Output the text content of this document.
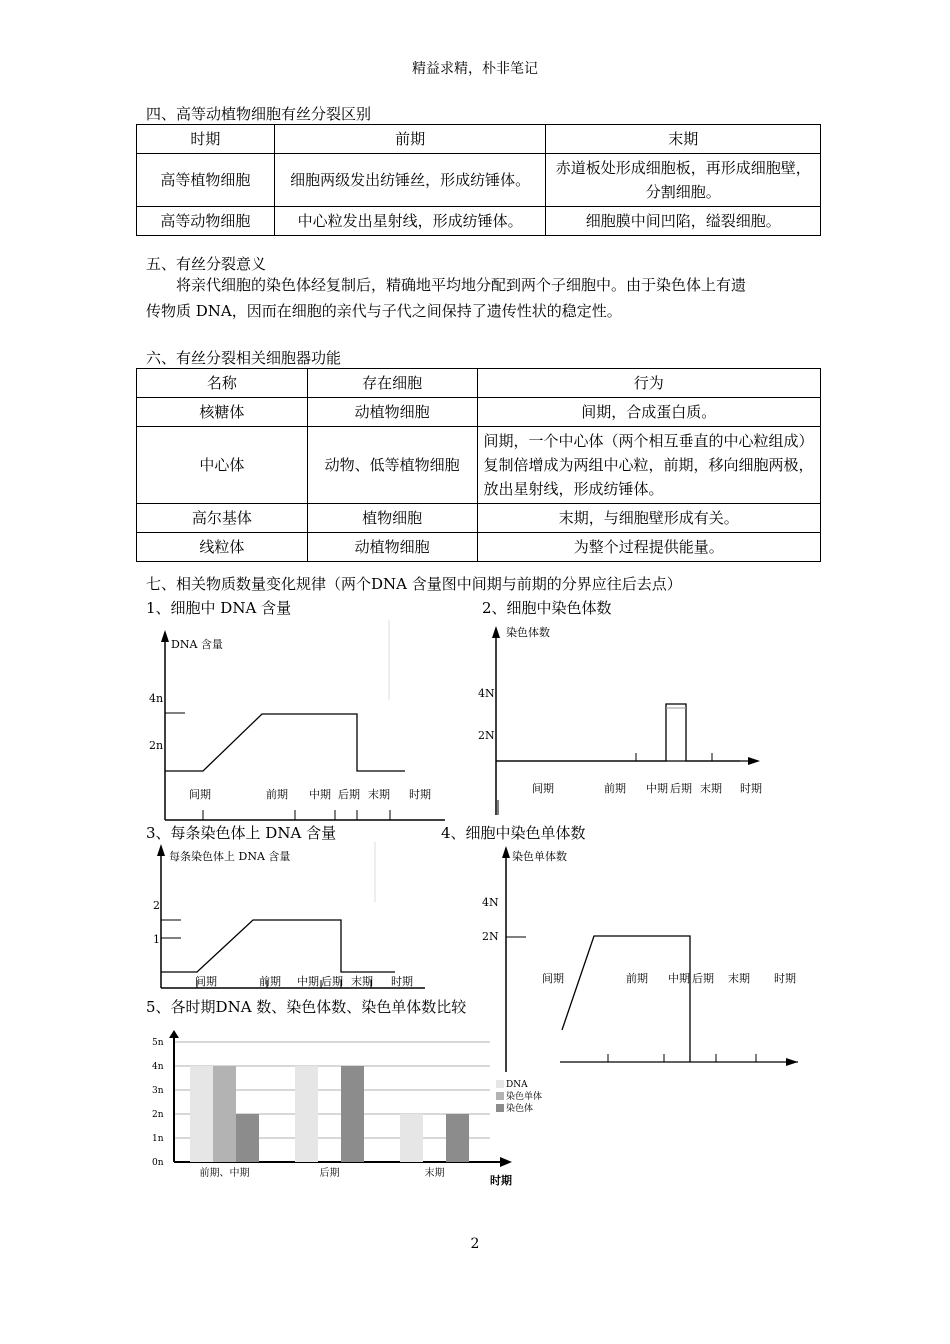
精益求精，朴非笔记
四、高等动植物细胞有丝分裂区别
时期	前期	末期
高等植物细胞	细胞两级发出纺锤丝，形成纺锤体。	赤道板处形成细胞板，再形成细胞壁，分割细胞。
高等动物细胞	中心粒发出星射线，形成纺锤体。	细胞膜中间凹陷，缢裂细胞。
五、有丝分裂意义
将亲代细胞的染色体经复制后，精确地平均地分配到两个子细胞中。由于染色体上有遗
传物质 DNA，因而在细胞的亲代与子代之间保持了遗传性状的稳定性。
六、有丝分裂相关细胞器功能
名称	存在细胞	行为
核糖体	动植物细胞	间期，合成蛋白质。
中心体	动物、低等植物细胞	间期，一个中心体（两个相互垂直的中心粒组成）复制倍增成为两组中心粒，前期，移向细胞两极，放出星射线，形成纺锤体。
高尔基体	植物细胞	末期，与细胞壁形成有关。
线粒体	动植物细胞	为整个过程提供能量。
七、相关物质数量变化规律（两个DNA 含量图中间期与前期的分界应往后去点）
1、细胞中 DNA 含量	2、细胞中染色体数
DNA 含量
4n
2n
间期	前期 中期 后期 末期 时期
染色体数
4N
2N
间期	前期 中期 后期 末期 时期
3、每条染色体上 DNA 含量	4、细胞中染色单体数
每条染色体上 DNA 含量
2
1
间期	前期 中期 后期 末期 时期
染色单体数
4N
2N
间期	前期 中期 后期 末期 时期
5、各时期DNA 数、染色体数、染色单体数比较
0n
1n
2n
3n
4n
5n
前期、中期	后期	末期
DNA
染色单体
染色体
时期
2
